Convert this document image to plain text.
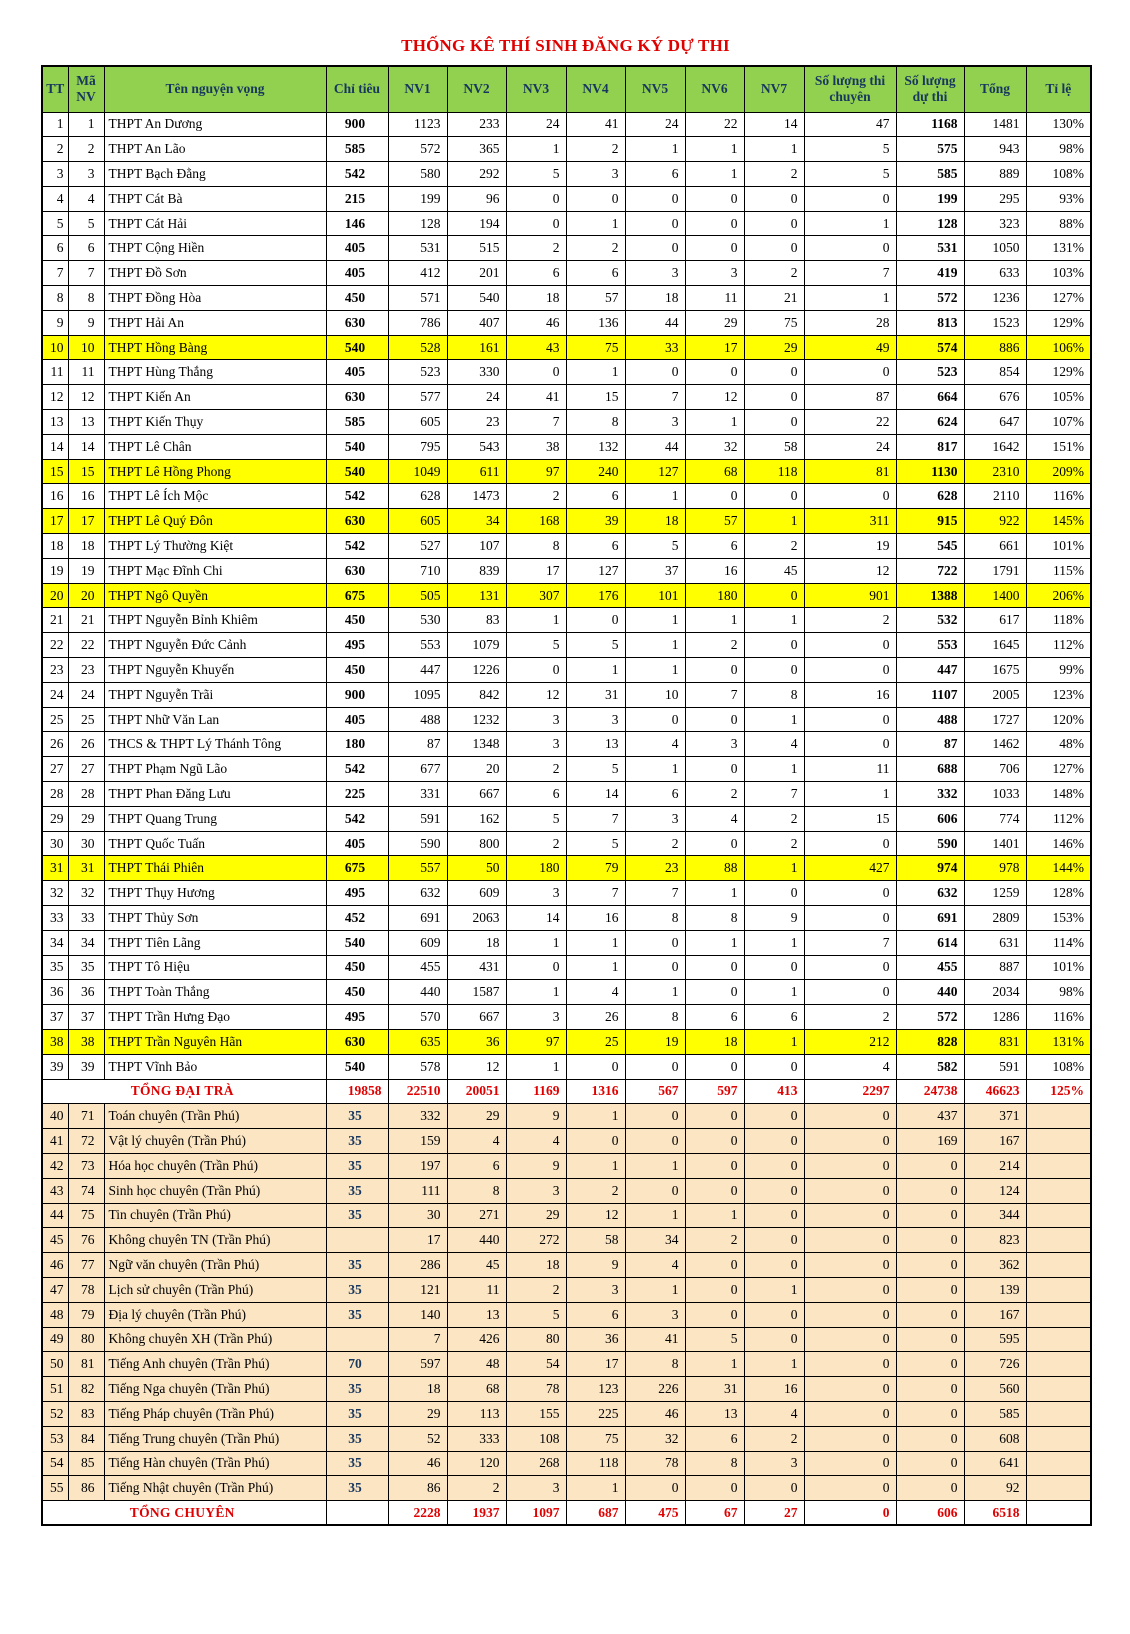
THỐNG KÊ THÍ SINH ĐĂNG KÝ DỰ THI
TT	Mã NV	Tên nguyện vọng	Chỉ tiêu	NV1	NV2	NV3	NV4	NV5	NV6	NV7	Số lượng thi chuyên	Số lượng dự thi	Tổng	Tỉ lệ
1	1	THPT An Dương	900	1123	233	24	41	24	22	14	47	1168	1481	130%
2	2	THPT An Lão	585	572	365	1	2	1	1	1	5	575	943	98%
3	3	THPT Bạch Đằng	542	580	292	5	3	6	1	2	5	585	889	108%
4	4	THPT Cát Bà	215	199	96	0	0	0	0	0	0	199	295	93%
5	5	THPT Cát Hải	146	128	194	0	1	0	0	0	1	128	323	88%
6	6	THPT Cộng Hiền	405	531	515	2	2	0	0	0	0	531	1050	131%
7	7	THPT Đồ Sơn	405	412	201	6	6	3	3	2	7	419	633	103%
8	8	THPT Đồng Hòa	450	571	540	18	57	18	11	21	1	572	1236	127%
9	9	THPT Hải An	630	786	407	46	136	44	29	75	28	813	1523	129%
10	10	THPT Hồng Bàng	540	528	161	43	75	33	17	29	49	574	886	106%
11	11	THPT Hùng Thắng	405	523	330	0	1	0	0	0	0	523	854	129%
12	12	THPT Kiến An	630	577	24	41	15	7	12	0	87	664	676	105%
13	13	THPT Kiến Thụy	585	605	23	7	8	3	1	0	22	624	647	107%
14	14	THPT Lê Chân	540	795	543	38	132	44	32	58	24	817	1642	151%
15	15	THPT Lê Hồng Phong	540	1049	611	97	240	127	68	118	81	1130	2310	209%
16	16	THPT Lê Ích Mộc	542	628	1473	2	6	1	0	0	0	628	2110	116%
17	17	THPT Lê Quý Đôn	630	605	34	168	39	18	57	1	311	915	922	145%
18	18	THPT Lý Thường Kiệt	542	527	107	8	6	5	6	2	19	545	661	101%
19	19	THPT Mạc Đĩnh Chi	630	710	839	17	127	37	16	45	12	722	1791	115%
20	20	THPT Ngô Quyền	675	505	131	307	176	101	180	0	901	1388	1400	206%
21	21	THPT Nguyễn Bỉnh Khiêm	450	530	83	1	0	1	1	1	2	532	617	118%
22	22	THPT Nguyễn Đức Cảnh	495	553	1079	5	5	1	2	0	0	553	1645	112%
23	23	THPT Nguyễn Khuyến	450	447	1226	0	1	1	0	0	0	447	1675	99%
24	24	THPT Nguyễn Trãi	900	1095	842	12	31	10	7	8	16	1107	2005	123%
25	25	THPT Nhữ Văn Lan	405	488	1232	3	3	0	0	1	0	488	1727	120%
26	26	THCS & THPT Lý Thánh Tông	180	87	1348	3	13	4	3	4	0	87	1462	48%
27	27	THPT Phạm Ngũ Lão	542	677	20	2	5	1	0	1	11	688	706	127%
28	28	THPT Phan Đăng Lưu	225	331	667	6	14	6	2	7	1	332	1033	148%
29	29	THPT Quang Trung	542	591	162	5	7	3	4	2	15	606	774	112%
30	30	THPT Quốc Tuấn	405	590	800	2	5	2	0	2	0	590	1401	146%
31	31	THPT Thái Phiên	675	557	50	180	79	23	88	1	427	974	978	144%
32	32	THPT Thụy Hương	495	632	609	3	7	7	1	0	0	632	1259	128%
33	33	THPT Thủy Sơn	452	691	2063	14	16	8	8	9	0	691	2809	153%
34	34	THPT Tiên Lãng	540	609	18	1	1	0	1	1	7	614	631	114%
35	35	THPT Tô Hiệu	450	455	431	0	1	0	0	0	0	455	887	101%
36	36	THPT Toàn Thắng	450	440	1587	1	4	1	0	1	0	440	2034	98%
37	37	THPT Trần Hưng Đạo	495	570	667	3	26	8	6	6	2	572	1286	116%
38	38	THPT Trần Nguyên Hãn	630	635	36	97	25	19	18	1	212	828	831	131%
39	39	THPT Vĩnh Bảo	540	578	12	1	0	0	0	0	4	582	591	108%
TỔNG ĐẠI TRÀ			19858	22510	20051	1169	1316	567	597	413	2297	24738	46623	125%
40	71	Toán chuyên (Trần Phú)	35	332	29	9	1	0	0	0	0	437	371	
41	72	Vật lý chuyên (Trần Phú)	35	159	4	4	0	0	0	0	0	169	167	
42	73	Hóa học chuyên (Trần Phú)	35	197	6	9	1	1	0	0	0	0	214	
43	74	Sinh học chuyên (Trần Phú)	35	111	8	3	2	0	0	0	0	0	124	
44	75	Tin chuyên (Trần Phú)	35	30	271	29	12	1	1	0	0	0	344	
45	76	Không chuyên TN (Trần Phú)		17	440	272	58	34	2	0	0	0	823	
46	77	Ngữ văn chuyên (Trần Phú)	35	286	45	18	9	4	0	0	0	0	362	
47	78	Lịch sử chuyên (Trần Phú)	35	121	11	2	3	1	0	1	0	0	139	
48	79	Địa lý chuyên (Trần Phú)	35	140	13	5	6	3	0	0	0	0	167	
49	80	Không chuyên XH (Trần Phú)		7	426	80	36	41	5	0	0	0	595	
50	81	Tiếng Anh chuyên (Trần Phú)	70	597	48	54	17	8	1	1	0	0	726	
51	82	Tiếng Nga chuyên (Trần Phú)	35	18	68	78	123	226	31	16	0	0	560	
52	83	Tiếng Pháp chuyên (Trần Phú)	35	29	113	155	225	46	13	4	0	0	585	
53	84	Tiếng Trung chuyên (Trần Phú)	35	52	333	108	75	32	6	2	0	0	608	
54	85	Tiếng Hàn chuyên (Trần Phú)	35	46	120	268	118	78	8	3	0	0	641	
55	86	Tiếng Nhật chuyên (Trần Phú)	35	86	2	3	1	0	0	0	0	0	92	
TỔNG CHUYÊN				2228	1937	1097	687	475	67	27	0	606	6518	
